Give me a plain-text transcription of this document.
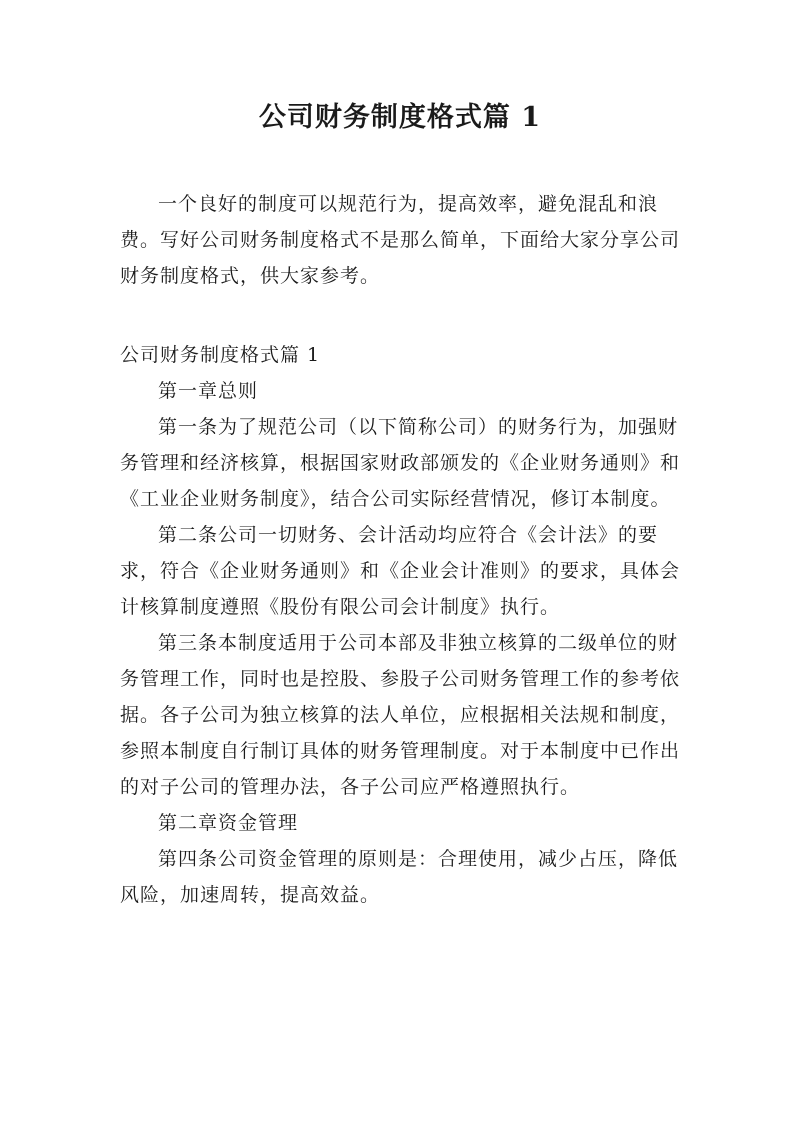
公司财务制度格式篇 1

一个良好的制度可以规范行为，提高效率，避免混乱和浪费。写好公司财务制度格式不是那么简单，下面给大家分享公司财务制度格式，供大家参考。

公司财务制度格式篇 1

第一章总则

第一条为了规范公司（以下简称公司）的财务行为，加强财务管理和经济核算，根据国家财政部颁发的《企业财务通则》和《工业企业财务制度》，结合公司实际经营情况，修订本制度。

第二条公司一切财务、会计活动均应符合《会计法》的要求，符合《企业财务通则》和《企业会计准则》的要求，具体会计核算制度遵照《股份有限公司会计制度》执行。

第三条本制度适用于公司本部及非独立核算的二级单位的财务管理工作，同时也是控股、参股子公司财务管理工作的参考依据。各子公司为独立核算的法人单位，应根据相关法规和制度，参照本制度自行制订具体的财务管理制度。对于本制度中已作出的对子公司的管理办法，各子公司应严格遵照执行。

第二章资金管理

第四条公司资金管理的原则是：合理使用，减少占压，降低风险，加速周转，提高效益。
